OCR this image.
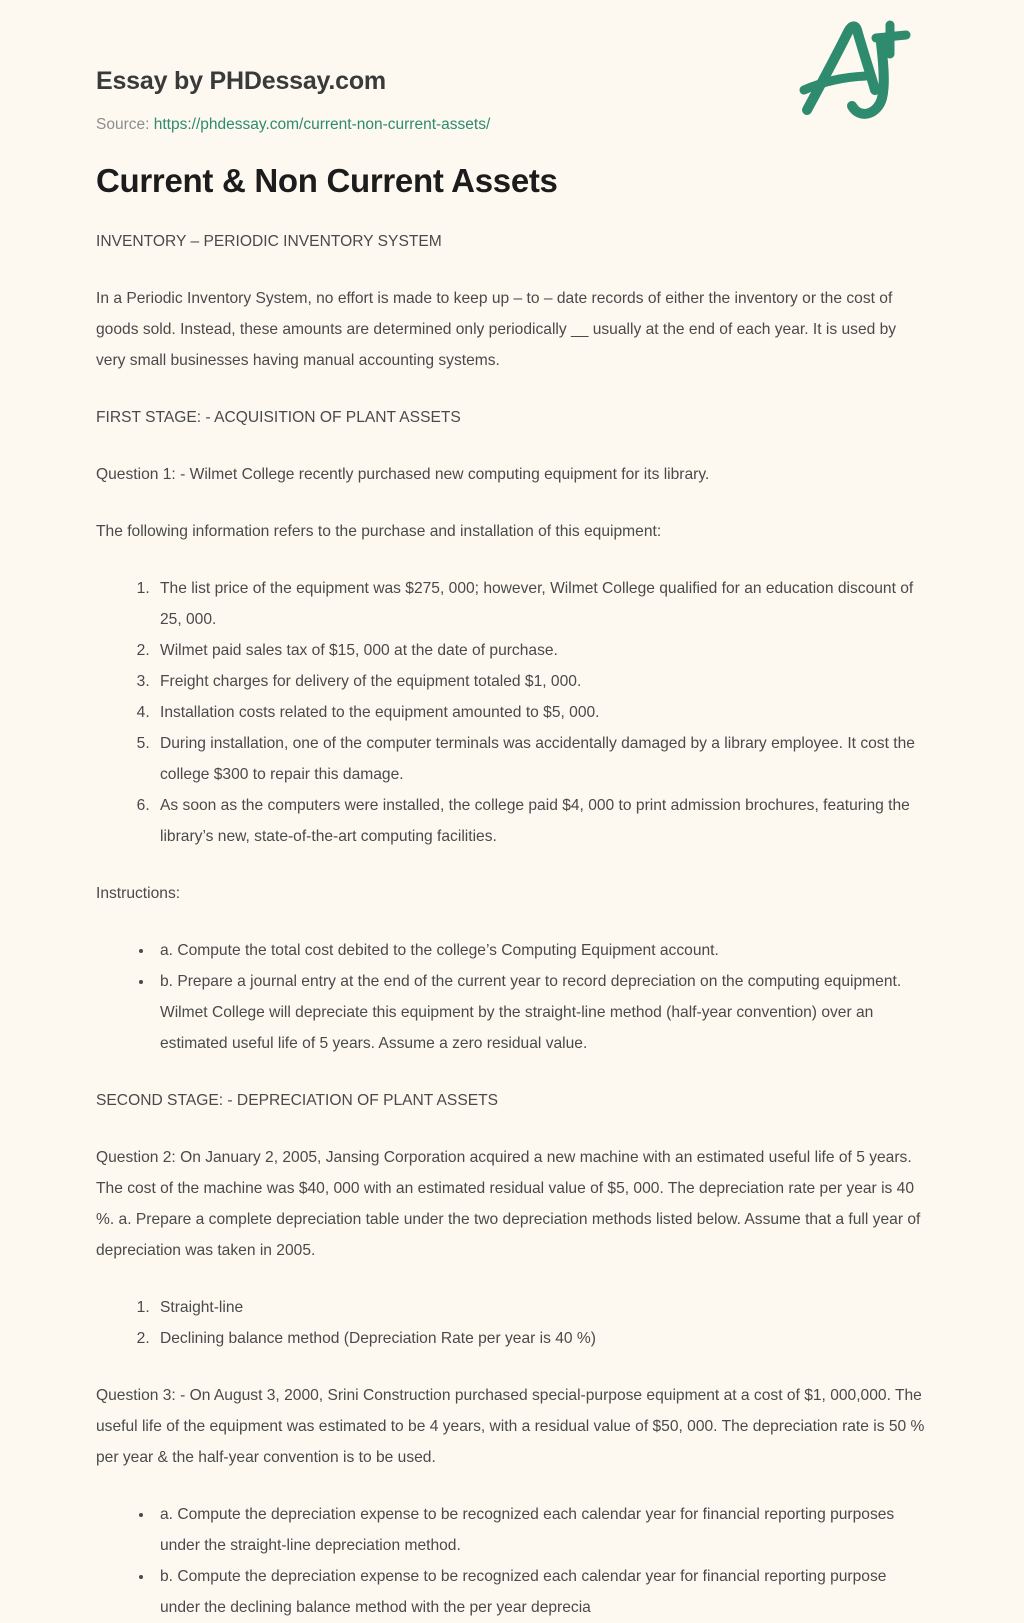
Essay by PHDessay.com
Source: https://phdessay.com/current-non-current-assets/
Current & Non Current Assets

INVENTORY – PERIODIC INVENTORY SYSTEM

In a Periodic Inventory System, no effort is made to keep up – to – date records of either the inventory or the cost of goods sold. Instead, these amounts are determined only periodically __ usually at the end of each year. It is used by very small businesses having manual accounting systems.

FIRST STAGE: - ACQUISITION OF PLANT ASSETS

Question 1: - Wilmet College recently purchased new computing equipment for its library.

The following information refers to the purchase and installation of this equipment:

1. The list price of the equipment was $275, 000; however, Wilmet College qualified for an education discount of 25, 000.
2. Wilmet paid sales tax of $15, 000 at the date of purchase.
3. Freight charges for delivery of the equipment totaled $1, 000.
4. Installation costs related to the equipment amounted to $5, 000.
5. During installation, one of the computer terminals was accidentally damaged by a library employee. It cost the college $300 to repair this damage.
6. As soon as the computers were installed, the college paid $4, 000 to print admission brochures, featuring the library’s new, state-of-the-art computing facilities.

Instructions:

• a. Compute the total cost debited to the college’s Computing Equipment account.
• b. Prepare a journal entry at the end of the current year to record depreciation on the computing equipment. Wilmet College will depreciate this equipment by the straight-line method (half-year convention) over an estimated useful life of 5 years. Assume a zero residual value.

SECOND STAGE: - DEPRECIATION OF PLANT ASSETS

Question 2: On January 2, 2005, Jansing Corporation acquired a new machine with an estimated useful life of 5 years. The cost of the machine was $40, 000 with an estimated residual value of $5, 000. The depreciation rate per year is 40 %. a. Prepare a complete depreciation table under the two depreciation methods listed below. Assume that a full year of depreciation was taken in 2005.

1. Straight-line
2. Declining balance method (Depreciation Rate per year is 40 %)

Question 3: - On August 3, 2000, Srini Construction purchased special-purpose equipment at a cost of $1, 000,000. The useful life of the equipment was estimated to be 4 years, with a residual value of $50, 000. The depreciation rate is 50 % per year & the half-year convention is to be used.

• a. Compute the depreciation expense to be recognized each calendar year for financial reporting purposes under the straight-line depreciation method.
• b. Compute the depreciation expense to be recognized each calendar year for financial reporting purpose under the declining balance method with the per year deprecia
